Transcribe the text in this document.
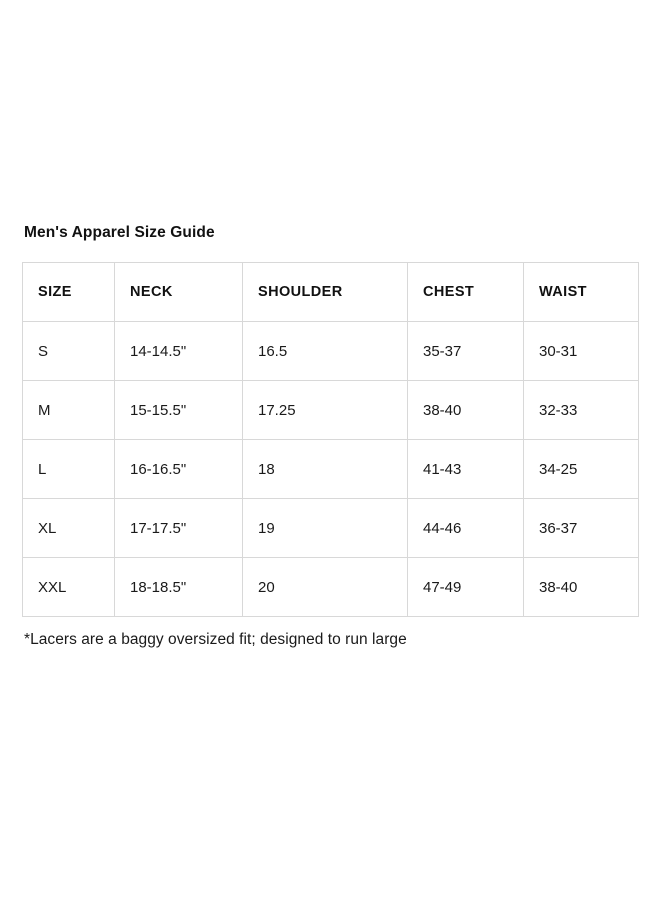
Men's Apparel Size Guide
SIZE	NECK	SHOULDER	CHEST	WAIST
S	14-14.5"	16.5	35-37	30-31
M	15-15.5"	17.25	38-40	32-33
L	16-16.5"	18	41-43	34-25
XL	17-17.5"	19	44-46	36-37
XXL	18-18.5"	20	47-49	38-40
*Lacers are a baggy oversized fit; designed to run large
